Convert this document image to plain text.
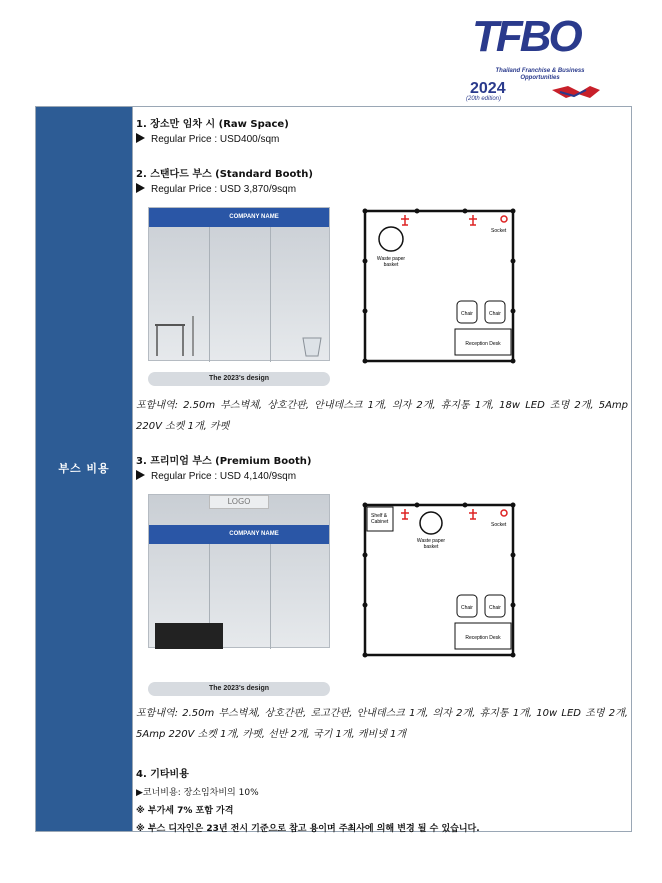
TFBO
Thailand Franchise & Business Opportunities
2024
(20th edition)
부스 비용
1. 장소만 임차 시 (Raw Space)
Regular Price : USD400/sqm
2. 스탠다드 부스 (Standard Booth)
Regular Price : USD 3,870/9sqm
COMPANY NAME
The 2023's design
Socket
Waste paper
basket
Chair	Chair
Reception Desk
포함내역: 2.50m 부스벽체, 상호간판, 안내데스크 1개, 의자 2개, 휴지통 1개, 18w LED 조명 2개, 5Amp 220V 소켓 1개, 카펫
3. 프리미엄 부스 (Premium Booth)
Regular Price : USD 4,140/9sqm
LOGO
COMPANY NAME
The 2023's design
Shelf &
Cabinet	Socket
Waste paper
basket
Chair	Chair
Reception Desk
포함내역: 2.50m 부스벽체, 상호간판, 로고간판, 안내데스크 1개, 의자 2개, 휴지통 1개, 10w LED 조명 2개, 5Amp 220V 소켓 1개, 카펫, 선반 2개, 국기 1개, 캐비넷 1개
4. 기타비용
▶코너비용: 장소임차비의 10%
※ 부가세 7% 포함 가격
※ 부스 디자인은 23년 전시 기준으로 참고 용이며 주최사에 의해 변경 될 수 있습니다.
